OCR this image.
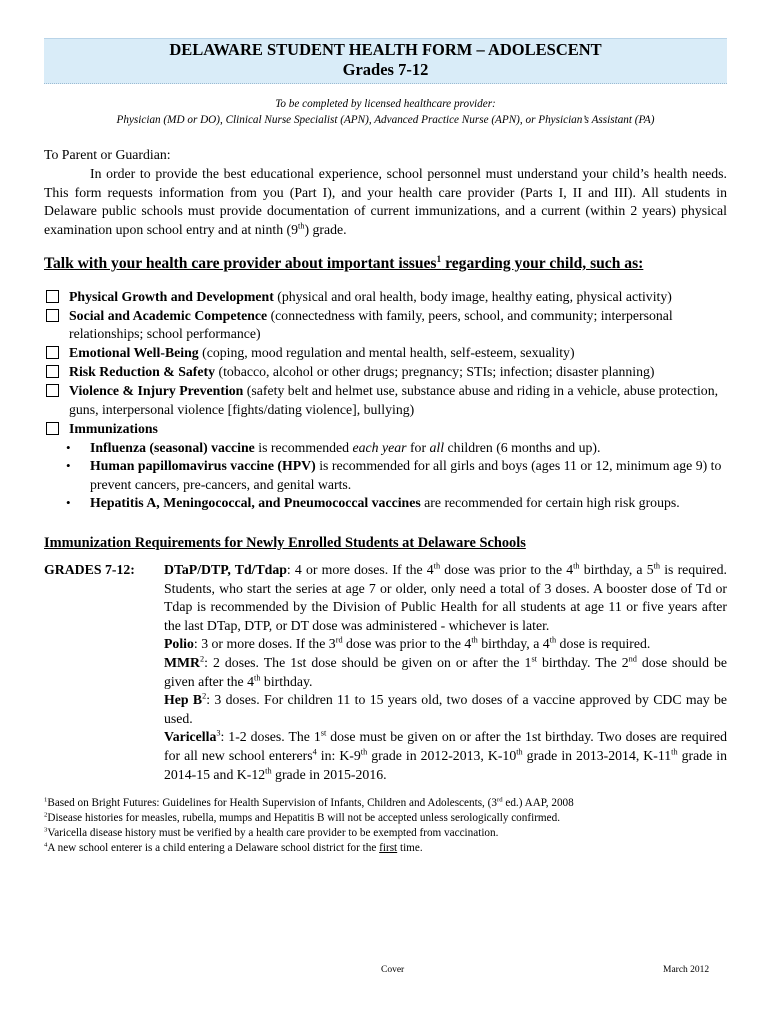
DELAWARE STUDENT HEALTH FORM – ADOLESCENT
Grades 7-12
To be completed by licensed healthcare provider:
Physician (MD or DO), Clinical Nurse Specialist (APN), Advanced Practice Nurse (APN), or Physician’s Assistant (PA)
To Parent or Guardian:
In order to provide the best educational experience, school personnel must understand your child’s health needs. This form requests information from you (Part I), and your health care provider (Parts I, II and III). All students in Delaware public schools must provide documentation of current immunizations, and a current (within 2 years) physical examination upon school entry and at ninth (9th) grade.
Talk with your health care provider about important issues$^1$ regarding your child, such as:
Physical Growth and Development (physical and oral health, body image, healthy eating, physical activity)
Social and Academic Competence (connectedness with family, peers, school, and community; interpersonal relationships; school performance)
Emotional Well-Being (coping, mood regulation and mental health, self-esteem, sexuality)
Risk Reduction & Safety (tobacco, alcohol or other drugs; pregnancy; STIs; infection; disaster planning)
Violence & Injury Prevention (safety belt and helmet use, substance abuse and riding in a vehicle, abuse protection, guns, interpersonal violence [fights/dating violence], bullying)
Immunizations
•	Influenza (seasonal) vaccine is recommended each year for all children (6 months and up).
•	Human papillomavirus vaccine (HPV) is recommended for all girls and boys (ages 11 or 12, minimum age 9) to prevent cancers, pre-cancers, and genital warts.
•	Hepatitis A, Meningococcal, and Pneumococcal vaccines are recommended for certain high risk groups.
Immunization Requirements for Newly Enrolled Students at Delaware Schools
GRADES 7-12:	DTaP/DTP, Td/Tdap: 4 or more doses. If the 4th dose was prior to the 4th birthday, a 5th is required. Students, who start the series at age 7 or older, only need a total of 3 doses. A booster dose of Td or Tdap is recommended by the Division of Public Health for all students at age 11 or five years after the last DTap, DTP, or DT dose was administered - whichever is later.
Polio: 3 or more doses. If the 3rd dose was prior to the 4th birthday, a 4th dose is required.
MMR$^2$: 2 doses. The 1st dose should be given on or after the 1st birthday. The 2nd dose should be given after the 4th birthday.
Hep $B^2$: 3 doses. For children 11 to 15 years old, two doses of a vaccine approved by CDC may be used.
Varicella$^3$: 1-2 doses. The 1st dose must be given on or after the 1st birthday. Two doses are required for all new school enterers$^4$ in: K-9th grade in 2012-2013, K-10th grade in 2013-2014, K-11th grade in 2014-15 and K-12th grade in 2015-2016.
$^1$Based on Bright Futures: Guidelines for Health Supervision of Infants, Children and Adolescents, (3rd ed.) AAP, 2008
$^2$Disease histories for measles, rubella, mumps and Hepatitis B will not be accepted unless serologically confirmed.
$^3$Varicella disease history must be verified by a health care provider to be exempted from vaccination.
$^4$A new school enterer is a child entering a Delaware school district for the first time.
Cover	March 2012
